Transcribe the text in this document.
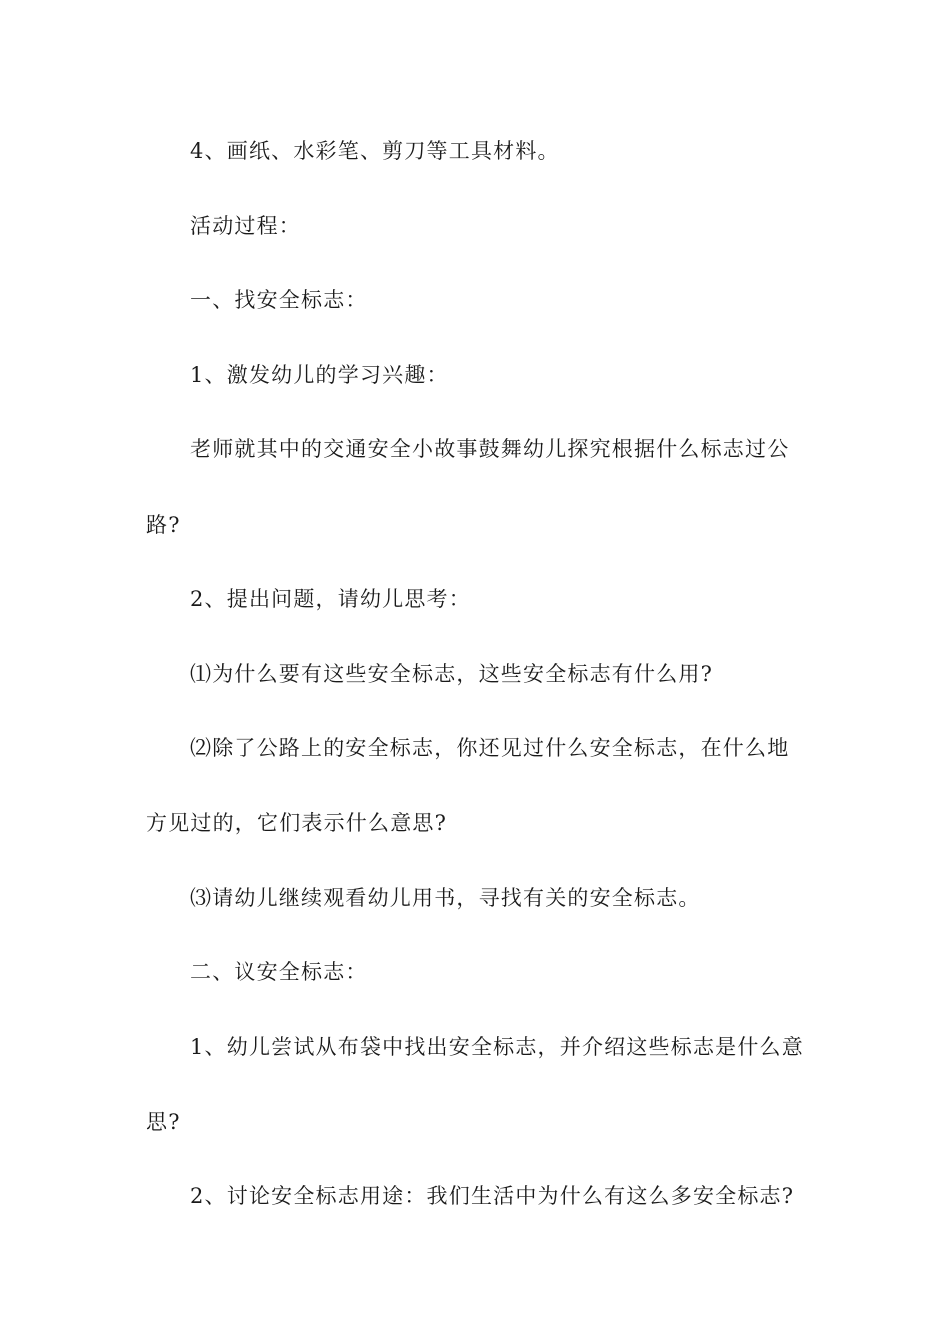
4、画纸、水彩笔、剪刀等工具材料。
活动过程：
一、找安全标志：
1、激发幼儿的学习兴趣：
老师就其中的交通安全小故事鼓舞幼儿探究根据什么标志过公
路?
2、提出问题，请幼儿思考：
⑴为什么要有这些安全标志，这些安全标志有什么用?
⑵除了公路上的安全标志，你还见过什么安全标志，在什么地
方见过的，它们表示什么意思?
⑶请幼儿继续观看幼儿用书，寻找有关的安全标志。
二、议安全标志：
1、幼儿尝试从布袋中找出安全标志，并介绍这些标志是什么意
思?
2、讨论安全标志用途：我们生活中为什么有这么多安全标志?
